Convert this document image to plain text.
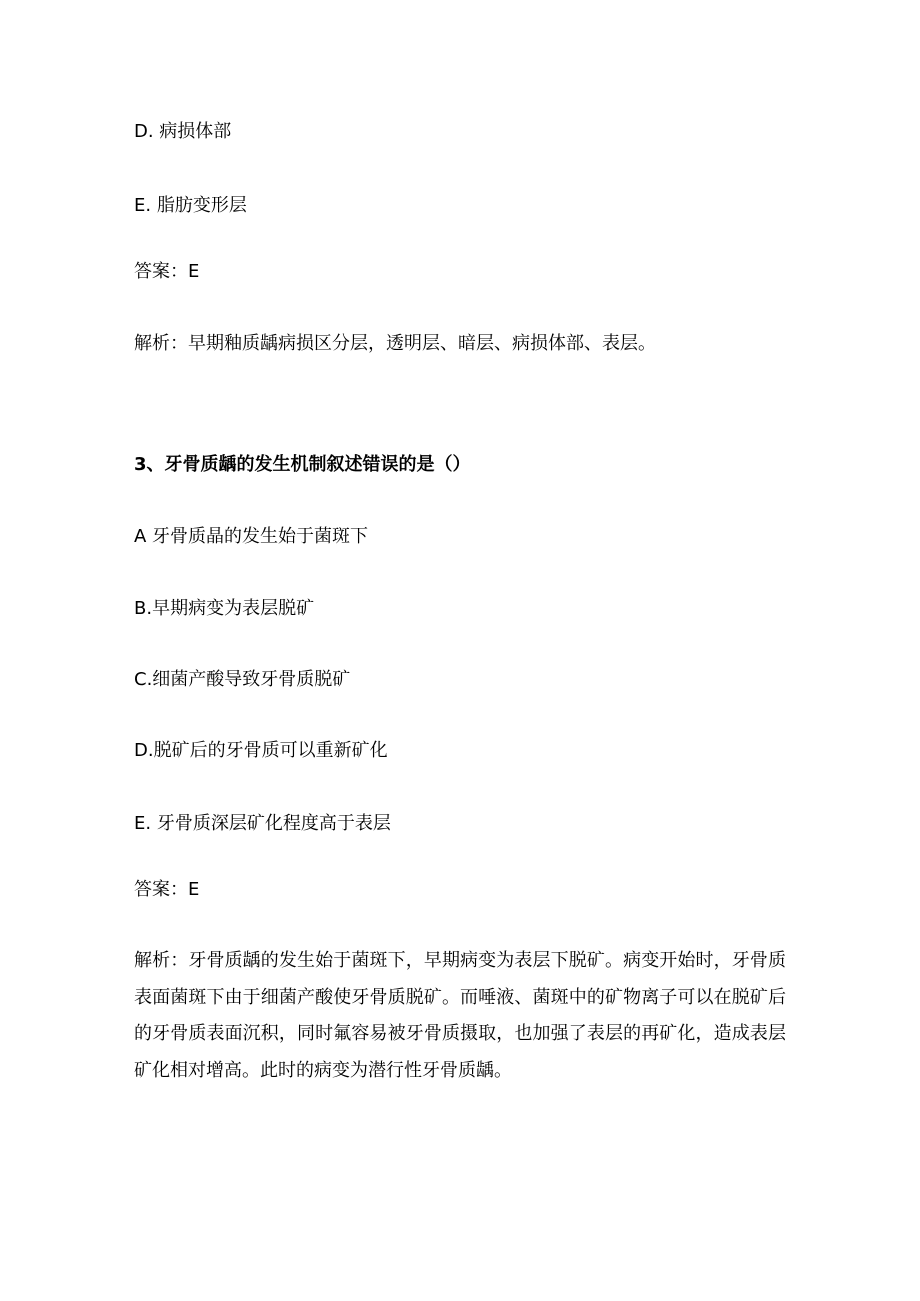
D. 病损体部

E. 脂肪变形层

答案：E

解析：早期釉质龋病损区分层，透明层、暗层、病损体部、表层。

3、牙骨质龋的发生机制叙述错误的是（）

A 牙骨质晶的发生始于菌斑下

B.早期病变为表层脱矿

C.细菌产酸导致牙骨质脱矿

D.脱矿后的牙骨质可以重新矿化

E. 牙骨质深层矿化程度高于表层

答案：E

解析：牙骨质龋的发生始于菌斑下，早期病变为表层下脱矿。病变开始时，牙骨质表面菌斑下由于细菌产酸使牙骨质脱矿。而唾液、菌斑中的矿物离子可以在脱矿后的牙骨质表面沉积，同时氟容易被牙骨质摄取，也加强了表层的再矿化，造成表层矿化相对增高。此时的病变为潜行性牙骨质龋。
